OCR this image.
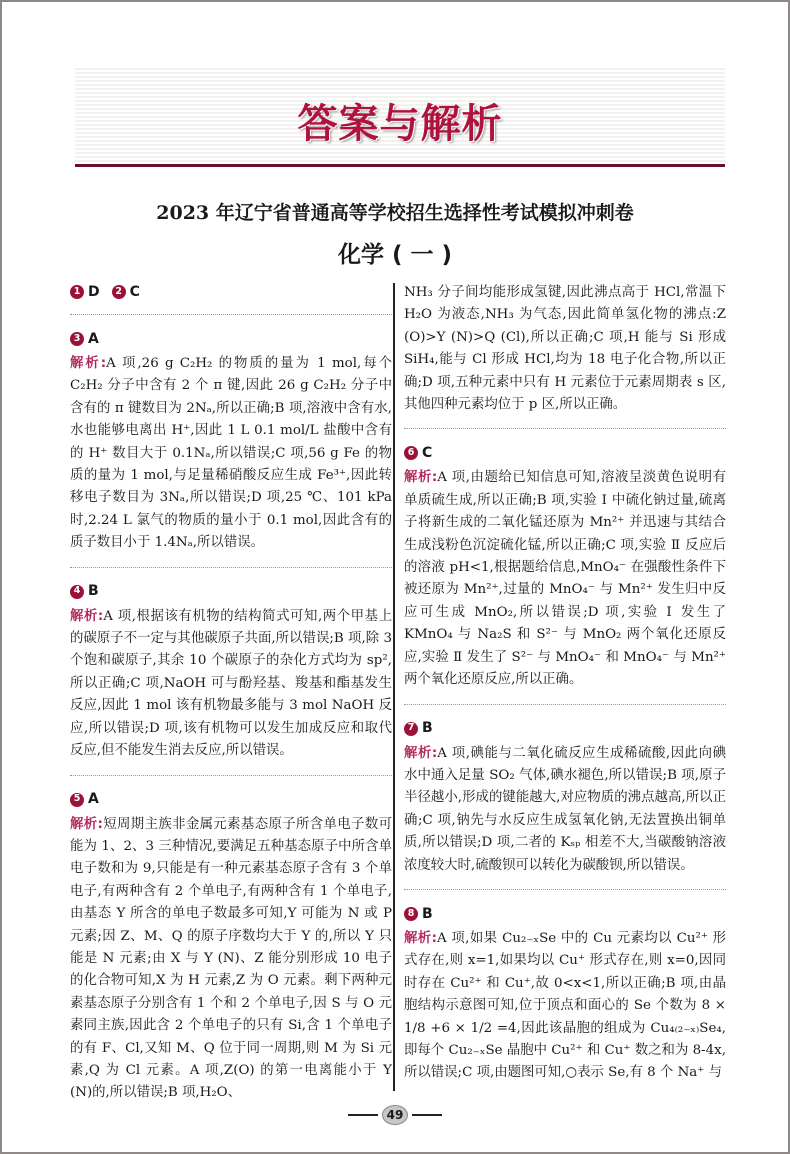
答案与解析
2023 年辽宁省普通高等学校招生选择性考试模拟冲刺卷
化学 ( 一 )
1 D	2 C
3 A
解析:A 项,26 g C₂H₂ 的物质的量为 1 mol,每个 C₂H₂ 分子中含有 2 个 π 键,因此 26 g C₂H₂ 分子中含有的 π 键数目为 2Nₐ,所以正确;B 项,溶液中含有水,水也能够电离出 H⁺,因此 1 L 0.1 mol/L 盐酸中含有的 H⁺ 数目大于 0.1Nₐ,所以错误;C 项,56 g Fe 的物质的量为 1 mol,与足量稀硝酸反应生成 Fe³⁺,因此转移电子数目为 3Nₐ,所以错误;D 项,25 ℃、101 kPa 时,2.24 L 氯气的物质的量小于 0.1 mol,因此含有的质子数目小于 1.4Nₐ,所以错误。
4 B
解析:A 项,根据该有机物的结构简式可知,两个甲基上的碳原子不一定与其他碳原子共面,所以错误;B 项,除 3 个饱和碳原子,其余 10 个碳原子的杂化方式均为 sp²,所以正确;C 项,NaOH 可与酚羟基、羧基和酯基发生反应,因此 1 mol 该有机物最多能与 3 mol NaOH 反应,所以错误;D 项,该有机物可以发生加成反应和取代反应,但不能发生消去反应,所以错误。
5 A
解析:短周期主族非金属元素基态原子所含单电子数可能为 1、2、3 三种情况,要满足五种基态原子中所含单电子数和为 9,只能是有一种元素基态原子含有 3 个单电子,有两种含有 2 个单电子,有两种含有 1 个单电子,由基态 Y 所含的单电子数最多可知,Y 可能为 N 或 P 元素;因 Z、M、Q 的原子序数均大于 Y 的,所以 Y 只能是 N 元素;由 X 与 Y (N)、Z 能分别形成 10 电子的化合物可知,X 为 H 元素,Z 为 O 元素。剩下两种元素基态原子分别含有 1 个和 2 个单电子,因 S 与 O 元素同主族,因此含 2 个单电子的只有 Si,含 1 个单电子的有 F、Cl,又知 M、Q 位于同一周期,则 M 为 Si 元素,Q 为 Cl 元素。A 项,Z(O) 的第一电离能小于 Y (N)的,所以错误;B 项,H₂O、
NH₃ 分子间均能形成氢键,因此沸点高于 HCl,常温下 H₂O 为液态,NH₃ 为气态,因此简单氢化物的沸点:Z (O)>Y (N)>Q (Cl),所以正确;C 项,H 能与 Si 形成 SiH₄,能与 Cl 形成 HCl,均为 18 电子化合物,所以正确;D 项,五种元素中只有 H 元素位于元素周期表 s 区,其他四种元素均位于 p 区,所以正确。
6 C
解析:A 项,由题给已知信息可知,溶液呈淡黄色说明有单质硫生成,所以正确;B 项,实验 Ⅰ 中硫化钠过量,硫离子将新生成的二氧化锰还原为 Mn²⁺ 并迅速与其结合生成浅粉色沉淀硫化锰,所以正确;C 项,实验 Ⅱ 反应后的溶液 pH<1,根据题给信息,MnO₄⁻ 在强酸性条件下被还原为 Mn²⁺,过量的 MnO₄⁻ 与 Mn²⁺ 发生归中反应可生成 MnO₂,所以错误;D 项,实验 Ⅰ 发生了 KMnO₄ 与 Na₂S 和 S²⁻ 与 MnO₂ 两个氧化还原反应,实验 Ⅱ 发生了 S²⁻ 与 MnO₄⁻ 和 MnO₄⁻ 与 Mn²⁺ 两个氧化还原反应,所以正确。
7 B
解析:A 项,碘能与二氧化硫反应生成稀硫酸,因此向碘水中通入足量 SO₂ 气体,碘水褪色,所以错误;B 项,原子半径越小,形成的键能越大,对应物质的沸点越高,所以正确;C 项,钠先与水反应生成氢氧化钠,无法置换出铜单质,所以错误;D 项,二者的 Kₛₚ 相差不大,当碳酸钠溶液浓度较大时,硫酸钡可以转化为碳酸钡,所以错误。
8 B
解析:A 项,如果 Cu₂₋ₓSe 中的 Cu 元素均以 Cu²⁺ 形式存在,则 x=1,如果均以 Cu⁺ 形式存在,则 x=0,因同时存在 Cu²⁺ 和 Cu⁺,故 0<x<1,所以正确;B 项,由晶胞结构示意图可知,位于顶点和面心的 Se 个数为 8 × 1/8 +6 × 1/2 =4,因此该晶胞的组成为 Cu₄₍₂₋ₓ₎Se₄,即每个 Cu₂₋ₓSe 晶胞中 Cu²⁺ 和 Cu⁺ 数之和为 8-4x,所以错误;C 项,由题图可知,○表示 Se,有 8 个 Na⁺ 与
49
